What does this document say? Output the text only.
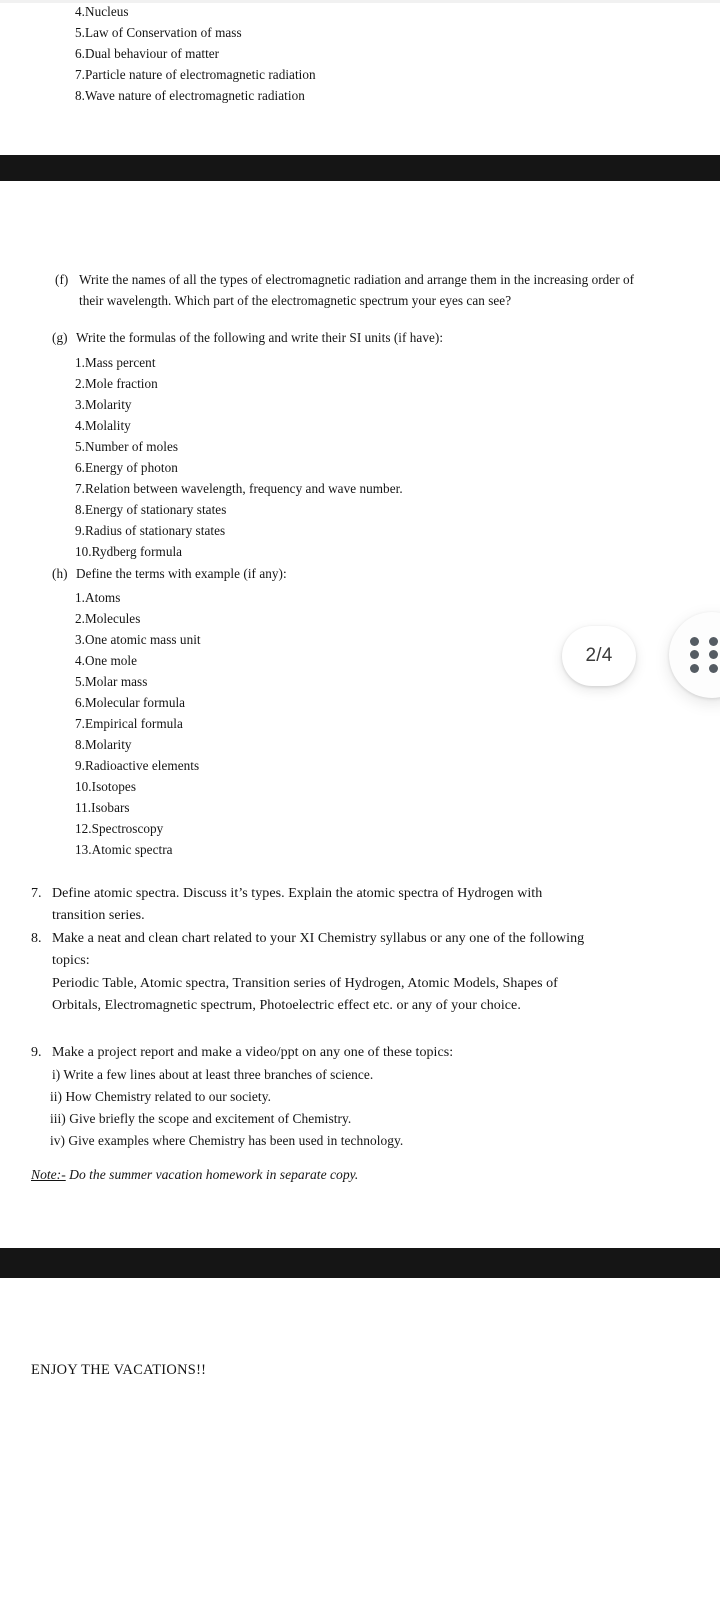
4. Nucleus
5. Law of Conservation of mass
6. Dual behaviour of matter
7. Particle nature of electromagnetic radiation
8. Wave nature of electromagnetic radiation
(f) Write the names of all the types of electromagnetic radiation and arrange them in the increasing order of their wavelength. Which part of the electromagnetic spectrum your eyes can see?
(g) Write the formulas of the following and write their SI units (if have):
1. Mass percent
2. Mole fraction
3. Molarity
4. Molality
5. Number of moles
6. Energy of photon
7. Relation between wavelength, frequency and wave number.
8. Energy of stationary states
9. Radius of stationary states
10. Rydberg formula
(h) Define the terms with example (if any):
1. Atoms
2. Molecules
3. One atomic mass unit
4. One mole
5. Molar mass
6. Molecular formula
7. Empirical formula
8. Molarity
9. Radioactive elements
10. Isotopes
11. Isobars
12. Spectroscopy
13. Atomic spectra
7. Define atomic spectra. Discuss it’s types. Explain the atomic spectra of Hydrogen with transition series.
8. Make a neat and clean chart related to your XI Chemistry syllabus or any one of the following topics:
Periodic Table, Atomic spectra, Transition series of Hydrogen, Atomic Models, Shapes of Orbitals, Electromagnetic spectrum, Photoelectric effect etc. or any of your choice.
9. Make a project report and make a video/ppt on any one of these topics:
i) Write a few lines about at least three branches of science.
ii) How Chemistry related to our society.
iii) Give briefly the scope and excitement of Chemistry.
iv) Give examples where Chemistry has been used in technology.
Note:- Do the summer vacation homework in separate copy.
ENJOY THE VACATIONS!!
2/4
